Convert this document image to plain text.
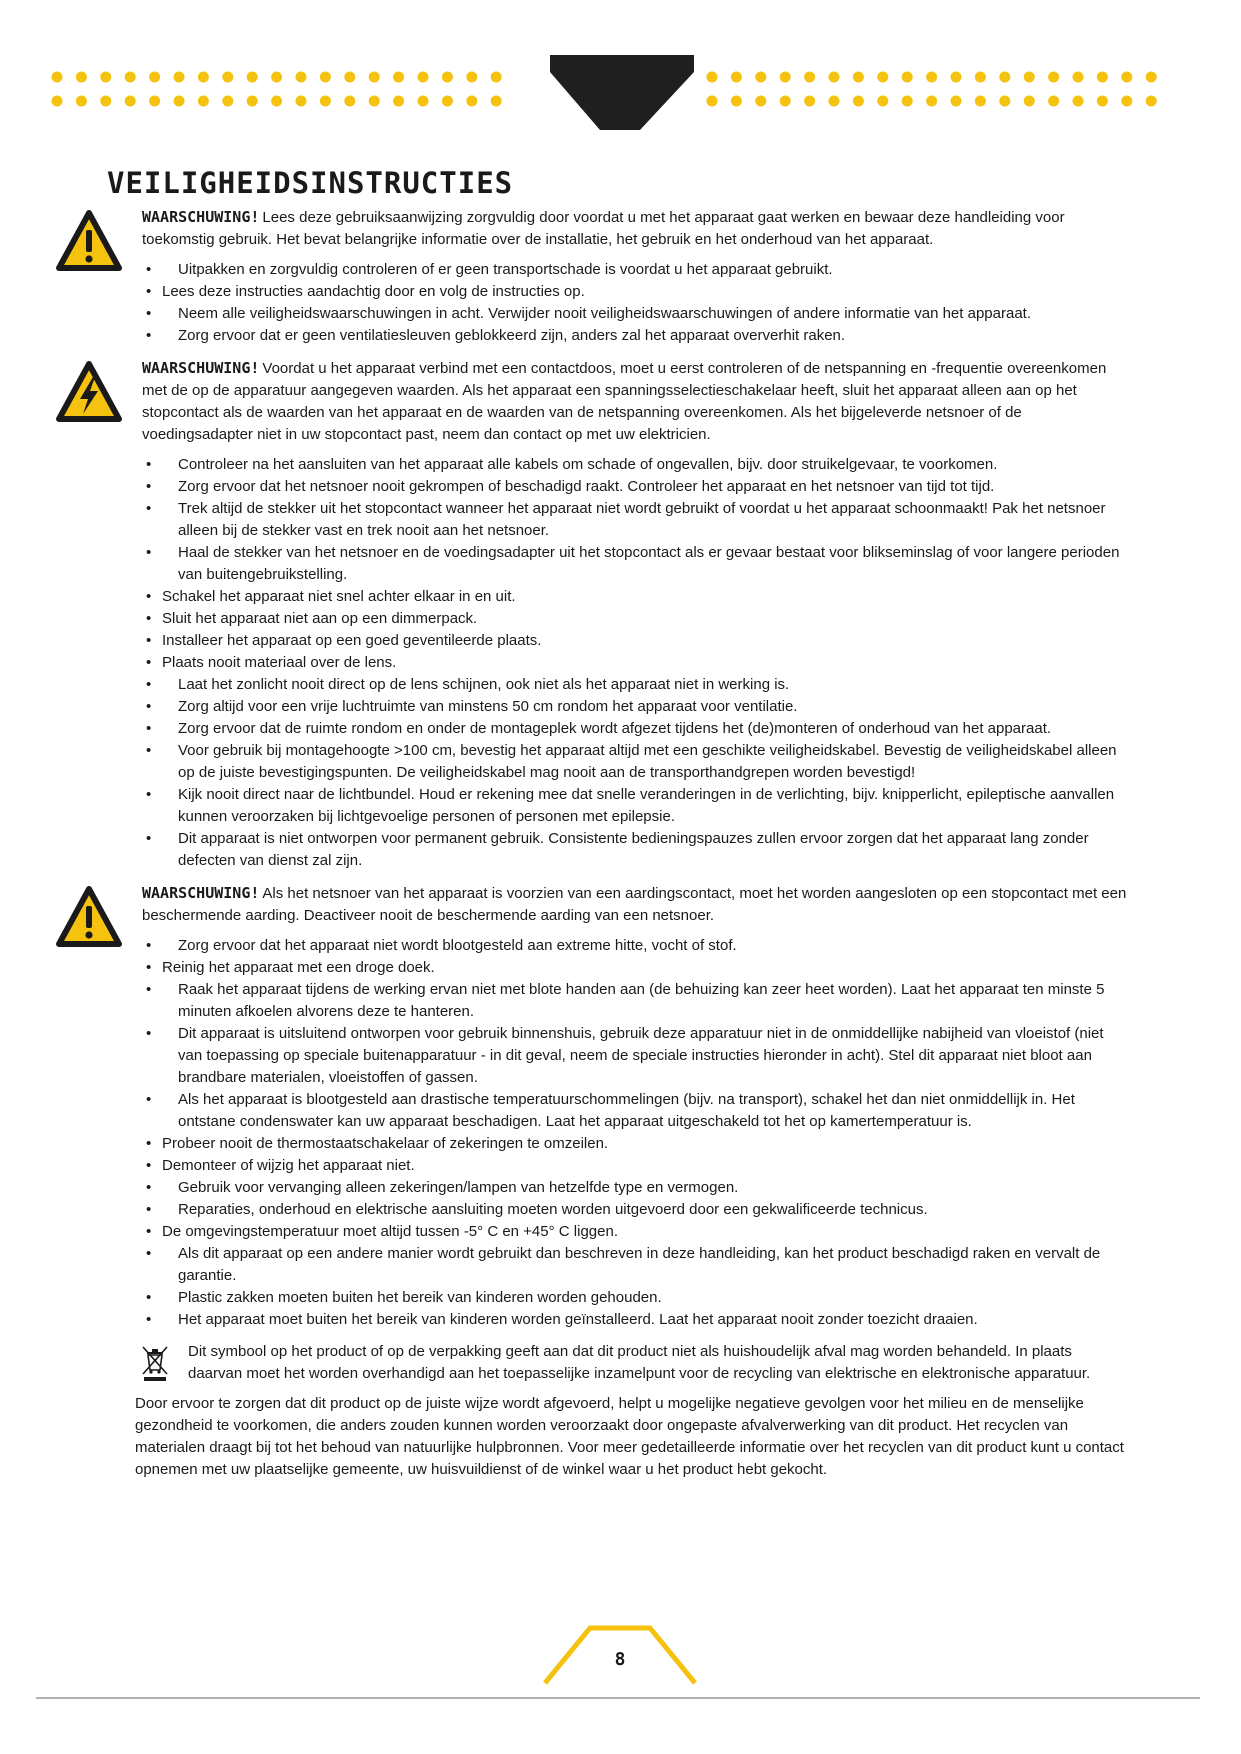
VEILIGHEIDSINSTRUCTIES

WAARSCHUWING! Lees deze gebruiksaanwijzing zorgvuldig door voordat u met het apparaat gaat werken en bewaar deze handleiding voor toekomstig gebruik. Het bevat belangrijke informatie over de installatie, het gebruik en het onderhoud van het apparaat.

• Uitpakken en zorgvuldig controleren of er geen transportschade is voordat u het apparaat gebruikt.
• Lees deze instructies aandachtig door en volg de instructies op.
• Neem alle veiligheidswaarschuwingen in acht. Verwijder nooit veiligheidswaarschuwingen of andere informatie van het apparaat.
• Zorg ervoor dat er geen ventilatiesleuven geblokkeerd zijn, anders zal het apparaat oververhit raken.

WAARSCHUWING! Voordat u het apparaat verbind met een contactdoos, moet u eerst controleren of de netspanning en -frequentie overeenkomen met de op de apparatuur aangegeven waarden. Als het apparaat een spanningsselectieschakelaar heeft, sluit het apparaat alleen aan op het stopcontact als de waarden van het apparaat en de waarden van de netspanning overeenkomen. Als het bijgeleverde netsnoer of de voedingsadapter niet in uw stopcontact past, neem dan contact op met uw elektricien.

• Controleer na het aansluiten van het apparaat alle kabels om schade of ongevallen, bijv. door struikelgevaar, te voorkomen.
• Zorg ervoor dat het netsnoer nooit gekrompen of beschadigd raakt. Controleer het apparaat en het netsnoer van tijd tot tijd.
• Trek altijd de stekker uit het stopcontact wanneer het apparaat niet wordt gebruikt of voordat u het apparaat schoonmaakt! Pak het netsnoer alleen bij de stekker vast en trek nooit aan het netsnoer.
• Haal de stekker van het netsnoer en de voedingsadapter uit het stopcontact als er gevaar bestaat voor blikseminslag of voor langere perioden van buitengebruikstelling.
• Schakel het apparaat niet snel achter elkaar in en uit.
• Sluit het apparaat niet aan op een dimmerpack.
• Installeer het apparaat op een goed geventileerde plaats.
• Plaats nooit materiaal over de lens.
• Laat het zonlicht nooit direct op de lens schijnen, ook niet als het apparaat niet in werking is.
• Zorg altijd voor een vrije luchtruimte van minstens 50 cm rondom het apparaat voor ventilatie.
• Zorg ervoor dat de ruimte rondom en onder de montageplek wordt afgezet tijdens het (de)monteren of onderhoud van het apparaat.
• Voor gebruik bij montagehoogte >100 cm, bevestig het apparaat altijd met een geschikte veiligheidskabel. Bevestig de veiligheidskabel alleen op de juiste bevestigingspunten. De veiligheidskabel mag nooit aan de transporthandgrepen worden bevestigd!
• Kijk nooit direct naar de lichtbundel. Houd er rekening mee dat snelle veranderingen in de verlichting, bijv. knipperlicht, epileptische aanvallen kunnen veroorzaken bij lichtgevoelige personen of personen met epilepsie.
• Dit apparaat is niet ontworpen voor permanent gebruik. Consistente bedieningspauzes zullen ervoor zorgen dat het apparaat lang zonder defecten van dienst zal zijn.

WAARSCHUWING! Als het netsnoer van het apparaat is voorzien van een aardingscontact, moet het worden aangesloten op een stopcontact met een beschermende aarding. Deactiveer nooit de beschermende aarding van een netsnoer.

• Zorg ervoor dat het apparaat niet wordt blootgesteld aan extreme hitte, vocht of stof.
• Reinig het apparaat met een droge doek.
• Raak het apparaat tijdens de werking ervan niet met blote handen aan (de behuizing kan zeer heet worden). Laat het apparaat ten minste 5 minuten afkoelen alvorens deze te hanteren.
• Dit apparaat is uitsluitend ontworpen voor gebruik binnenshuis, gebruik deze apparatuur niet in de onmiddellijke nabijheid van vloeistof (niet van toepassing op speciale buitenapparatuur - in dit geval, neem de speciale instructies hieronder in acht). Stel dit apparaat niet bloot aan brandbare materialen, vloeistoffen of gassen.
• Als het apparaat is blootgesteld aan drastische temperatuurschommelingen (bijv. na transport), schakel het dan niet onmiddellijk in. Het ontstane condenswater kan uw apparaat beschadigen. Laat het apparaat uitgeschakeld tot het op kamertemperatuur is.
• Probeer nooit de thermostaatschakelaar of zekeringen te omzeilen.
• Demonteer of wijzig het apparaat niet.
• Gebruik voor vervanging alleen zekeringen/lampen van hetzelfde type en vermogen.
• Reparaties, onderhoud en elektrische aansluiting moeten worden uitgevoerd door een gekwalificeerde technicus.
• De omgevingstemperatuur moet altijd tussen -5° C en +45° C liggen.
• Als dit apparaat op een andere manier wordt gebruikt dan beschreven in deze handleiding, kan het product beschadigd raken en vervalt de garantie.
• Plastic zakken moeten buiten het bereik van kinderen worden gehouden.
• Het apparaat moet buiten het bereik van kinderen worden geïnstalleerd. Laat het apparaat nooit zonder toezicht draaien.

Dit symbool op het product of op de verpakking geeft aan dat dit product niet als huishoudelijk afval mag worden behandeld. In plaats daarvan moet het worden overhandigd aan het toepasselijke inzamelpunt voor de recycling van elektrische en elektronische apparatuur.

Door ervoor te zorgen dat dit product op de juiste wijze wordt afgevoerd, helpt u mogelijke negatieve gevolgen voor het milieu en de menselijke gezondheid te voorkomen, die anders zouden kunnen worden veroorzaakt door ongepaste afvalverwerking van dit product. Het recyclen van materialen draagt bij tot het behoud van natuurlijke hulpbronnen. Voor meer gedetailleerde informatie over het recyclen van dit product kunt u contact opnemen met uw plaatselijke gemeente, uw huisvuildienst of de winkel waar u het product hebt gekocht.

8
